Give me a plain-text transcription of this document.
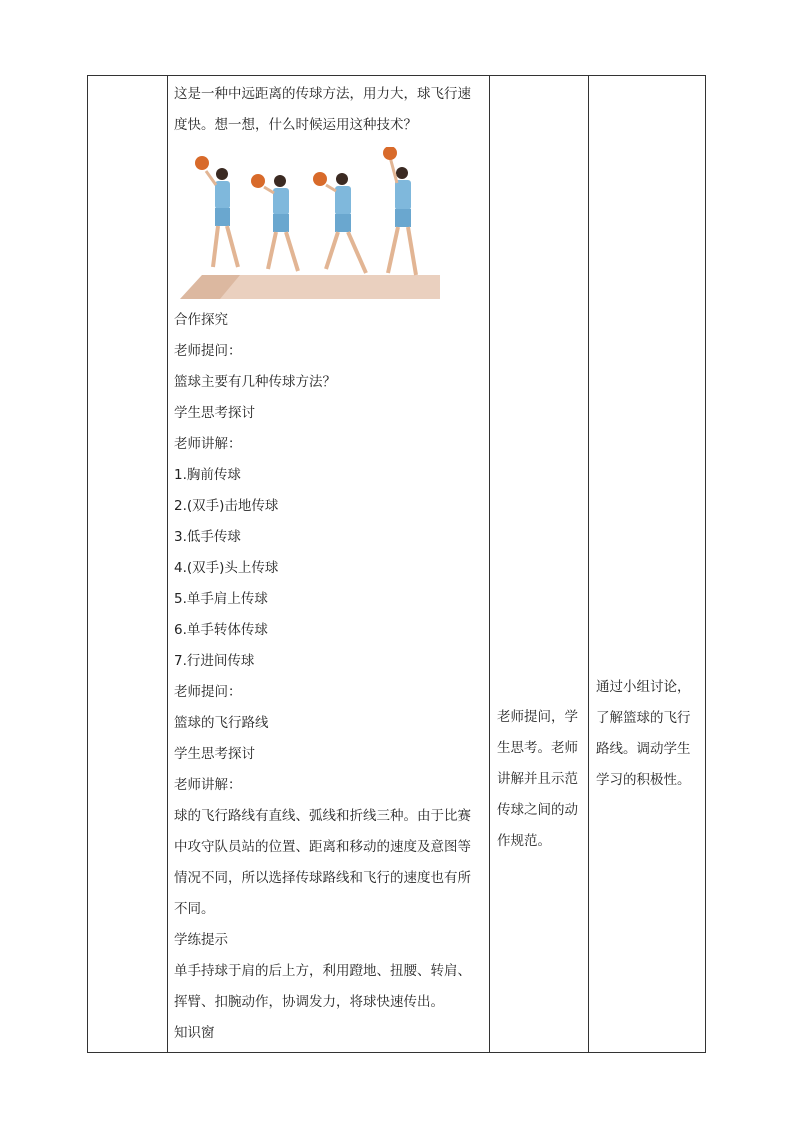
这是一种中远距离的传球方法，用力大，球飞行速度快。想一想，什么时候运用这种技术？

合作探究

老师提问：

篮球主要有几种传球方法？

学生思考探讨

老师讲解：

1.胸前传球

2.(双手)击地传球

3.低手传球

4.(双手)头上传球

5.单手肩上传球

6.单手转体传球

7.行进间传球

老师提问：

篮球的飞行路线

学生思考探讨

老师讲解：

球的飞行路线有直线、弧线和折线三种。由于比赛中攻守队员站的位置、距离和移动的速度及意图等情况不同，所以选择传球路线和飞行的速度也有所不同。

学练提示

单手持球于肩的后上方，利用蹬地、扭腰、转肩、挥臂、扣腕动作，协调发力，将球快速传出。

知识窗

老师提问，学生思考。老师讲解并且示范传球之间的动作规范。

通过小组讨论，了解篮球的飞行路线。调动学生学习的积极性。
